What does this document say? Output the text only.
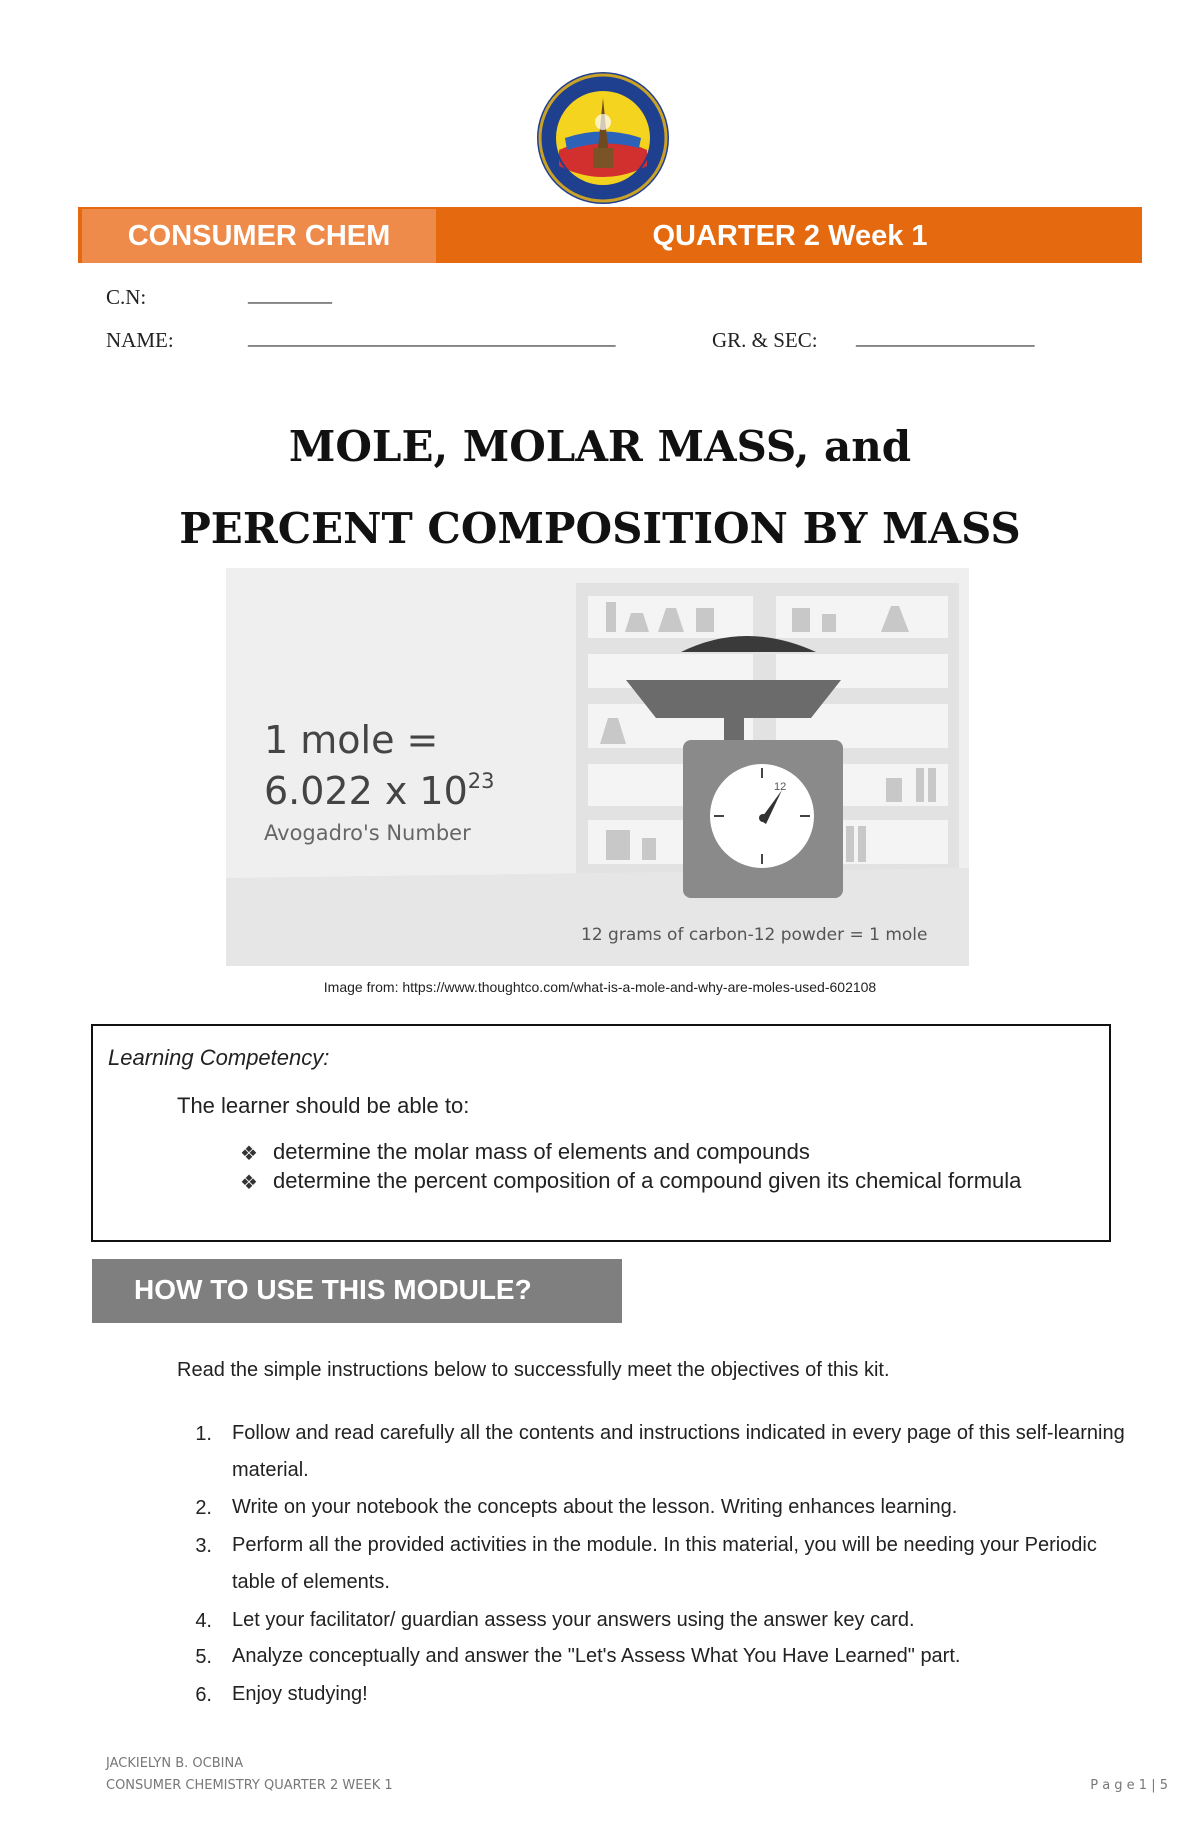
CONSUMER CHEM	QUARTER 2 Week 1
C.N:	________
NAME:	___________________________________	GR. & SEC: _________________
MOLE, MOLAR MASS, and
PERCENT COMPOSITION BY MASS
12
1 mole =
6.022 x $10^{23}$
Avogadro's Number
12 grams of carbon-12 powder = 1 mole
Image from: https://www.thoughtco.com/what-is-a-mole-and-why-are-moles-used-602108
Learning Competency:
The learner should be able to:
❖ determine the molar mass of elements and compounds
❖ determine the percent composition of a compound given its chemical formula
HOW TO USE THIS MODULE?
Read the simple instructions below to successfully meet the objectives of this kit.
1. Follow and read carefully all the contents and instructions indicated in every page of this self-learning material.
2. Write on your notebook the concepts about the lesson. Writing enhances learning.
3. Perform all the provided activities in the module. In this material, you will be needing your Periodic table of elements.
4. Let your facilitator/ guardian assess your answers using the answer key card.
5. Analyze conceptually and answer the "Let's Assess What You Have Learned" part.
6. Enjoy studying!
JACKIELYN B. OCBINA
CONSUMER CHEMISTRY QUARTER 2 WEEK 1	P a g e 1 | 5
